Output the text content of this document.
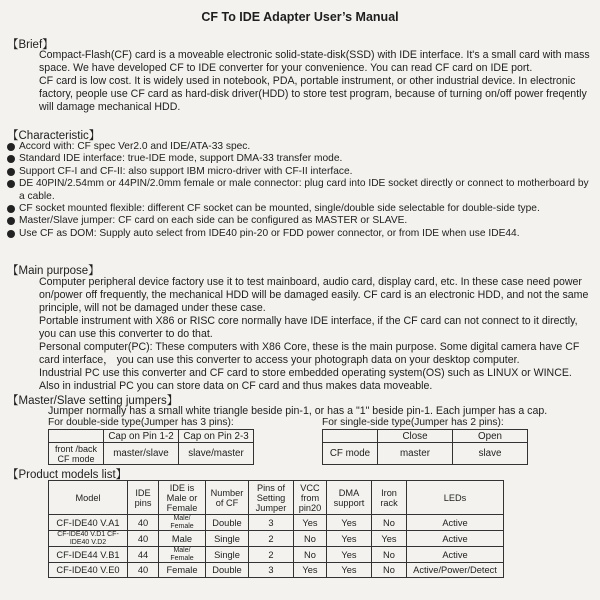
CF To IDE Adapter User’s Manual
【Brief】

Compact-Flash(CF) card is a moveable electronic solid-state-disk(SSD) with IDE interface. It's a small card with mass space. We have developed CF to IDE converter for your convenience. You can read CF card on IDE port.

CF card is low cost. It is widely used in notebook, PDA, portable instrument, or other industrial device. In electronic factory, people use CF card as hard-disk driver(HDD) to store test program, because of turning on/off power freqently will damage mechanical HDD.

【Characteristic】
Accord with: CF spec Ver2.0 and IDE/ATA-33 spec.
Standard IDE interface: true-IDE mode, support DMA-33 transfer mode.
Support CF-I and CF-II: also support IBM micro-driver with CF-II interface.
DE 40PIN/2.54mm or 44PIN/2.0mm female or male connector: plug card into IDE socket directly or connect to motherboard by a cable.
CF socket mounted flexible: different CF socket can be mounted, single/double side selectable for double-side type.
Master/Slave jumper: CF card on each side can be configured as MASTER or SLAVE.
Use CF as DOM: Supply auto select from IDE40 pin-20 or FDD power connector, or from IDE when use IDE44.
【Main purpose】

Computer peripheral device factory use it to test mainboard, audio card, display card, etc. In these case need power on/power off frequently, the mechanical HDD will be damaged easily. CF card is an electronic HDD, and not the same principle, will not be damaged under these case.

Portable instrument with X86 or RISC core normally have IDE interface, if the CF card can not connect to it directly, you can use this converter to do that.

Personal computer(PC): These computers with X86 Core, these is the main purpose. Some digital camera have CF card interface， you can use this converter to access your photograph data on your desktop computer.

Industrial PC use this converter and CF card to store embedded operating system(OS) such as LINUX or WINCE. Also in industrial PC you can store data on CF card and thus makes data moveable.

【Master/Slave setting jumpers】
Jumper normally has a small white triangle beside pin-1, or has a "1" beside pin-1. Each jumper has a cap.
For double-side type(Jumper has 3 pins):	For single-side type(Jumper has 2 pins):
	Cap on Pin 1-2	Cap on Pin 2-3
front /back CF mode	master/slave	slave/master
	Close	Open
CF mode	master	slave
【Product models list】
Model	IDE pins	IDE is Male or Female	Number of CF	Pins of Setting Jumper	VCC from pin20	DMA support	Iron rack	LEDs
CF-IDE40 V.A1	40	Male/ Female	Double	3	Yes	Yes	No	Active
CF-IDE40 V.D1 CF-IDE40 V.D2	40	Male	Single	2	No	Yes	Yes	Active
CF-IDE44 V.B1	44	Male/ Female	Single	2	No	Yes	No	Active
CF-IDE40 V.E0	40	Female	Double	3	Yes	Yes	No	Active/Power/Detect
